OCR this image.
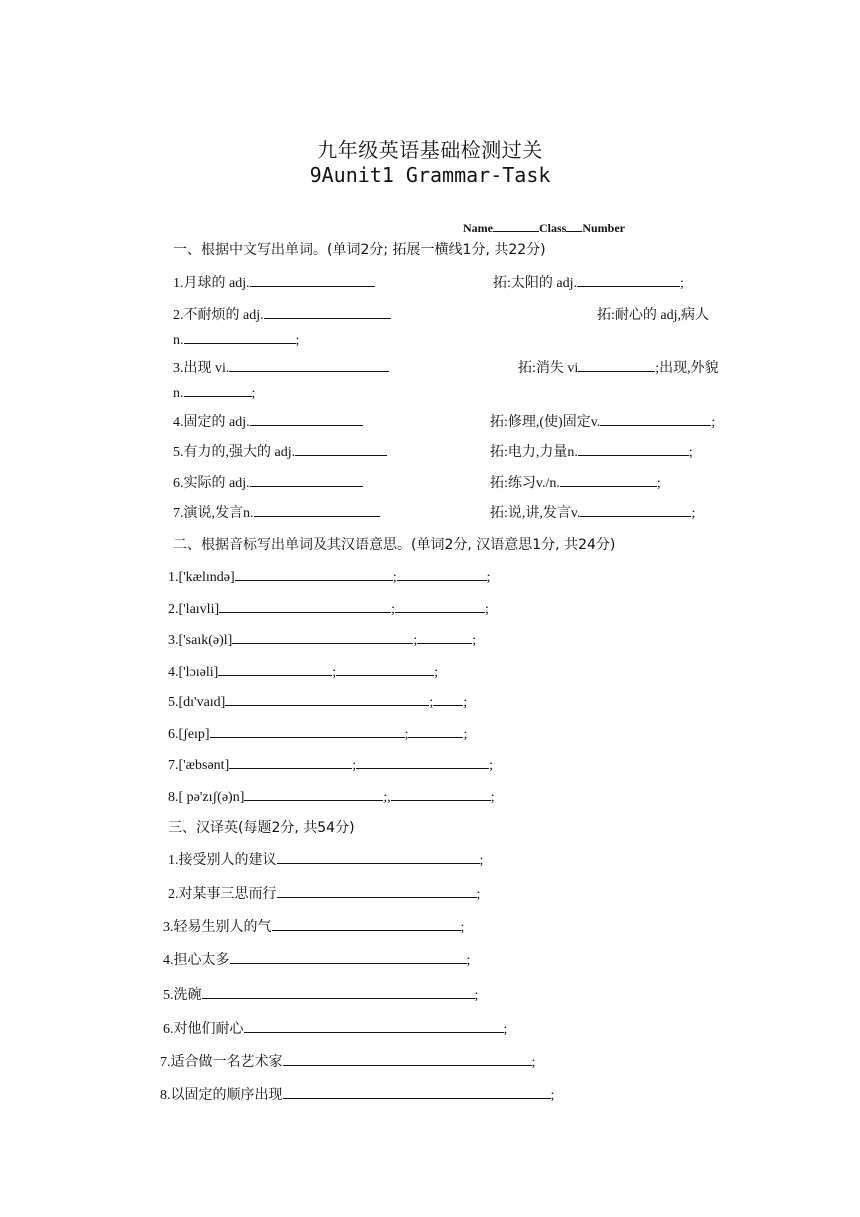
九年级英语基础检测过关
9Aunit1 Grammar-Task
Name	Class Number
一、根据中文写出单词。(单词2分; 拓展一横线1分, 共22分)
1.月球的 adj.	拓:太阳的 adj.	;
2.不耐烦的 adj.	拓:耐心的 adj,病人
n.	;
3.出现 vi.	拓:消失 vi	;出现,外貌
n.	;
4.固定的 adj.	拓:修理,(使)固定v.	;
5.有力的,强大的 adj.	拓:电力,力量n.	;
6.实际的 adj.	拓:练习v./n.	;
7.演说,发言n.	拓:说,讲,发言v.	;
二、根据音标写出单词及其汉语意思。(单词2分, 汉语意思1分, 共24分)
1.['kælındə]	;	;
2.['laıvli]	;	;
3.['saık(ə)l]	;	;
4.['lɔıəli]	;	;
5.[dı'vaıd]	; ;
6.[ʃeıp]	;	;
7.['æbsənt]	;	;
8.[ pə'zıʃ(ə)n]	;,	;
三、汉译英(每题2分, 共54分)
1.接受别人的建议	;
2.对某事三思而行	;
3.轻易生别人的气	;
4.担心太多	;
5.洗碗	;
6.对他们耐心	;
7.适合做一名艺术家	;
8.以固定的顺序出现	;
